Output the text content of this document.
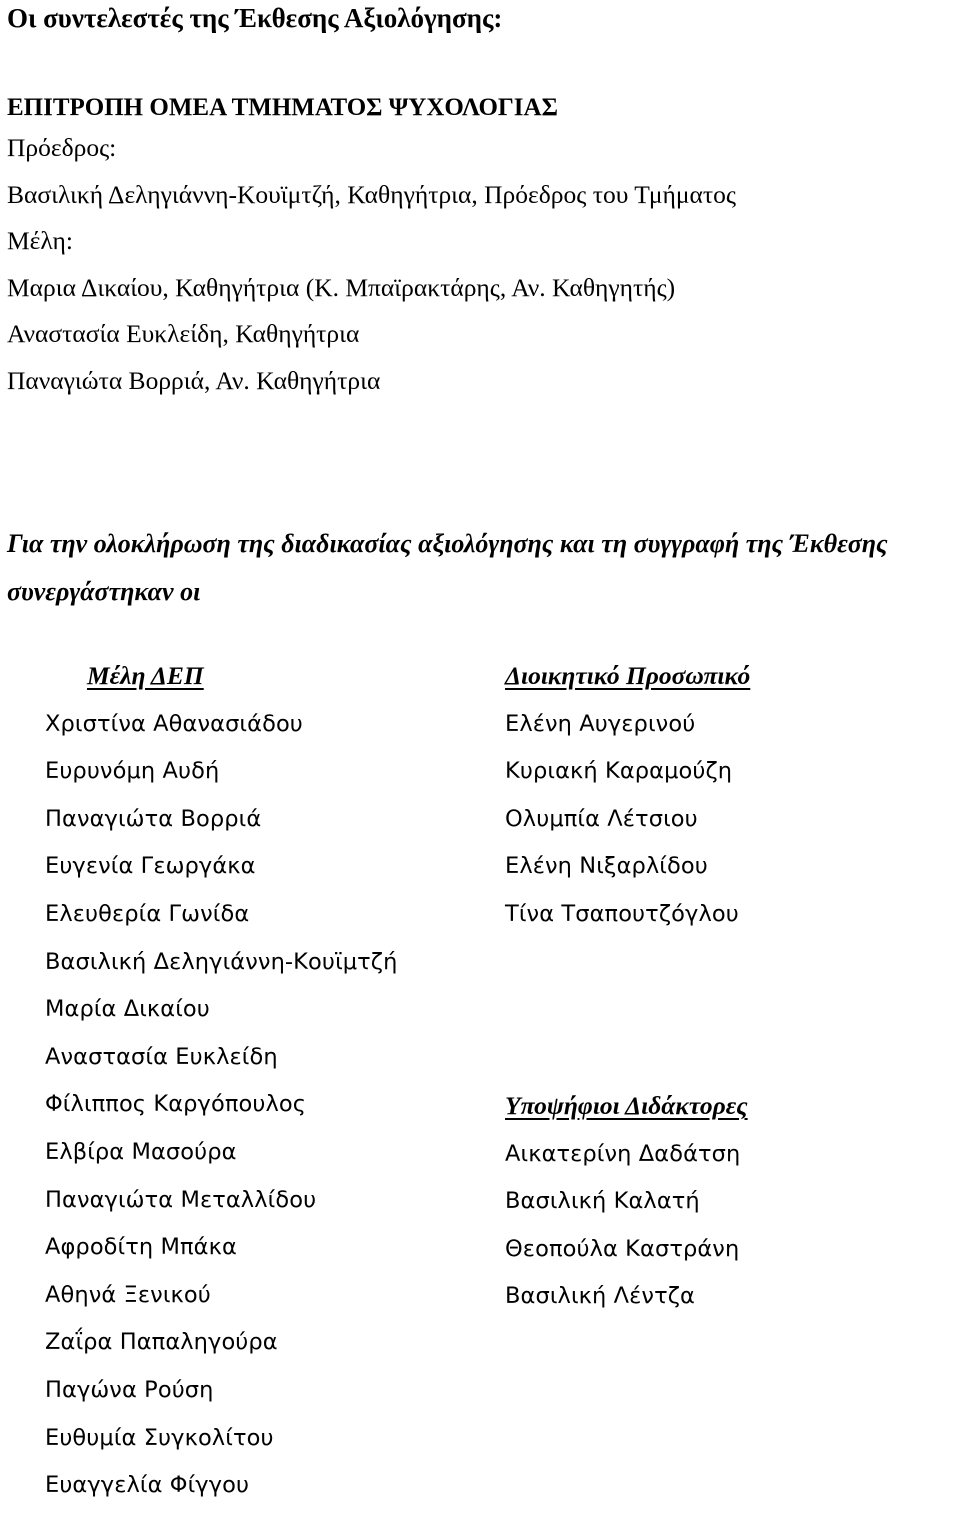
Οι συντελεστές της Έκθεσης Αξιολόγησης:
ΕΠΙΤΡΟΠΗ ΟΜΕΑ ΤΜΗΜΑΤΟΣ ΨΥΧΟΛΟΓΙΑΣ
Πρόεδρος:
Βασιλική Δεληγιάννη-Κουϊμτζή, Καθηγήτρια, Πρόεδρος του Τμήματος
Μέλη:
Μαρια Δικαίου, Καθηγήτρια (Κ. Μπαϊρακτάρης, Αν. Καθηγητής)
Αναστασία Ευκλείδη, Καθηγήτρια
Παναγιώτα Βορριά, Αν. Καθηγήτρια

Για την ολοκλήρωση της διαδικασίας αξιολόγησης και τη συγγραφή της Έκθεσης συνεργάστηκαν οι

Μέλη ΔΕΠ
Χριστίνα Αθανασιάδου
Ευρυνόμη Αυδή
Παναγιώτα Βορριά
Ευγενία Γεωργάκα
Ελευθερία Γωνίδα
Βασιλική Δεληγιάννη-Κουϊμτζή
Μαρία Δικαίου
Αναστασία Ευκλείδη
Φίλιππος Καργόπουλος
Ελβίρα Μασούρα
Παναγιώτα Μεταλλίδου
Αφροδίτη Μπάκα
Αθηνά Ξενικού
Ζαΐρα Παπαληγούρα
Παγώνα Ρούση
Ευθυμία Συγκολίτου
Ευαγγελία Φίγγου
Διοικητικό Προσωπικό
Ελένη Αυγερινού
Κυριακή Καραμούζη
Ολυμπία Λέτσιου
Ελένη Νιξαρλίδου
Τίνα Τσαπουτζόγλου
Υποψήφιοι Διδάκτορες
Αικατερίνη Δαδάτση
Βασιλική Καλατή
Θεοπούλα Καστράνη
Βασιλική Λέντζα
